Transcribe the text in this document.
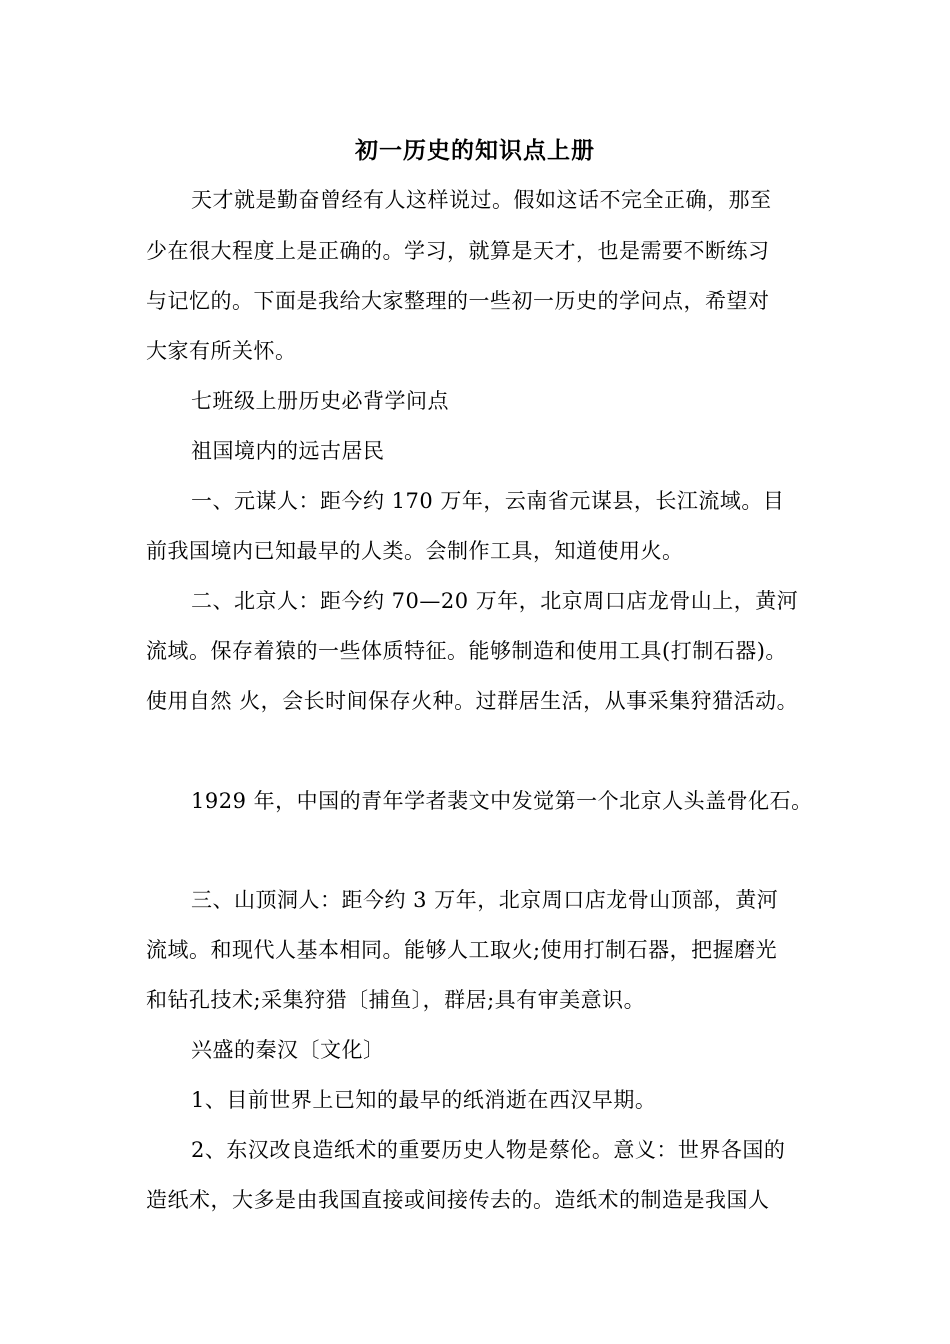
初一历史的知识点上册
天才就是勤奋曾经有人这样说过。假如这话不完全正确，那至
少在很大程度上是正确的。学习，就算是天才，也是需要不断练习
与记忆的。下面是我给大家整理的一些初一历史的学问点，希望对
大家有所关怀。
七班级上册历史必背学问点
祖国境内的远古居民
一、元谋人：距今约 170 万年，云南省元谋县，长江流域。目
前我国境内已知最早的人类。会制作工具，知道使用火。
二、北京人：距今约 70—20 万年，北京周口店龙骨山上，黄河
流域。保存着猿的一些体质特征。能够制造和使用工具(打制石器)。
使用自然 火，会长时间保存火种。过群居生活，从事采集狩猎活动。
1929 年，中国的青年学者裴文中发觉第一个北京人头盖骨化石。
三、山顶洞人：距今约 3 万年，北京周口店龙骨山顶部，黄河
流域。和现代人基本相同。能够人工取火;使用打制石器，把握磨光
和钻孔技术;采集狩猎〔捕鱼〕，群居;具有审美意识。
兴盛的秦汉〔文化〕
1、目前世界上已知的最早的纸消逝在西汉早期。
2、东汉改良造纸术的重要历史人物是蔡伦。意义：世界各国的
造纸术，大多是由我国直接或间接传去的。造纸术的制造是我国人
